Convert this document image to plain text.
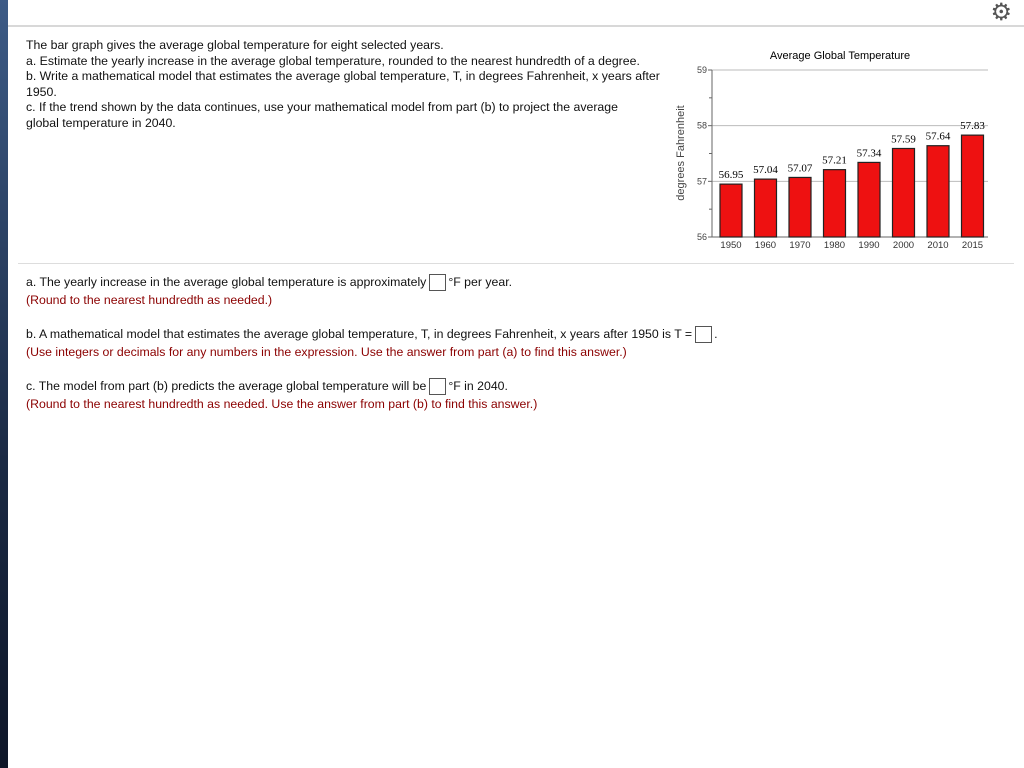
⚙
The bar graph gives the average global temperature for eight selected years.
a. Estimate the yearly increase in the average global temperature, rounded to the nearest hundredth of a degree.
b. Write a mathematical model that estimates the average global temperature, T, in degrees Fahrenheit, x years after 1950.
c. If the trend shown by the data continues, use your mathematical model from part (b) to project the average global temperature in 2040.
Average Global Temperature
degrees Fahrenheit
56
57
58
59
56.95
1950
57.04
1960
57.07
1970
57.21
1980
57.34
1990
57.59
2000
57.64
2010
57.83
2015
a. The yearly increase in the average global temperature is approximately °F per year.
(Round to the nearest hundredth as needed.)
b. A mathematical model that estimates the average global temperature, T, in degrees Fahrenheit, x years after 1950 is T = .
(Use integers or decimals for any numbers in the expression. Use the answer from part (a) to find this answer.)
c. The model from part (b) predicts the average global temperature will be °F in 2040.
(Round to the nearest hundredth as needed. Use the answer from part (b) to find this answer.)
